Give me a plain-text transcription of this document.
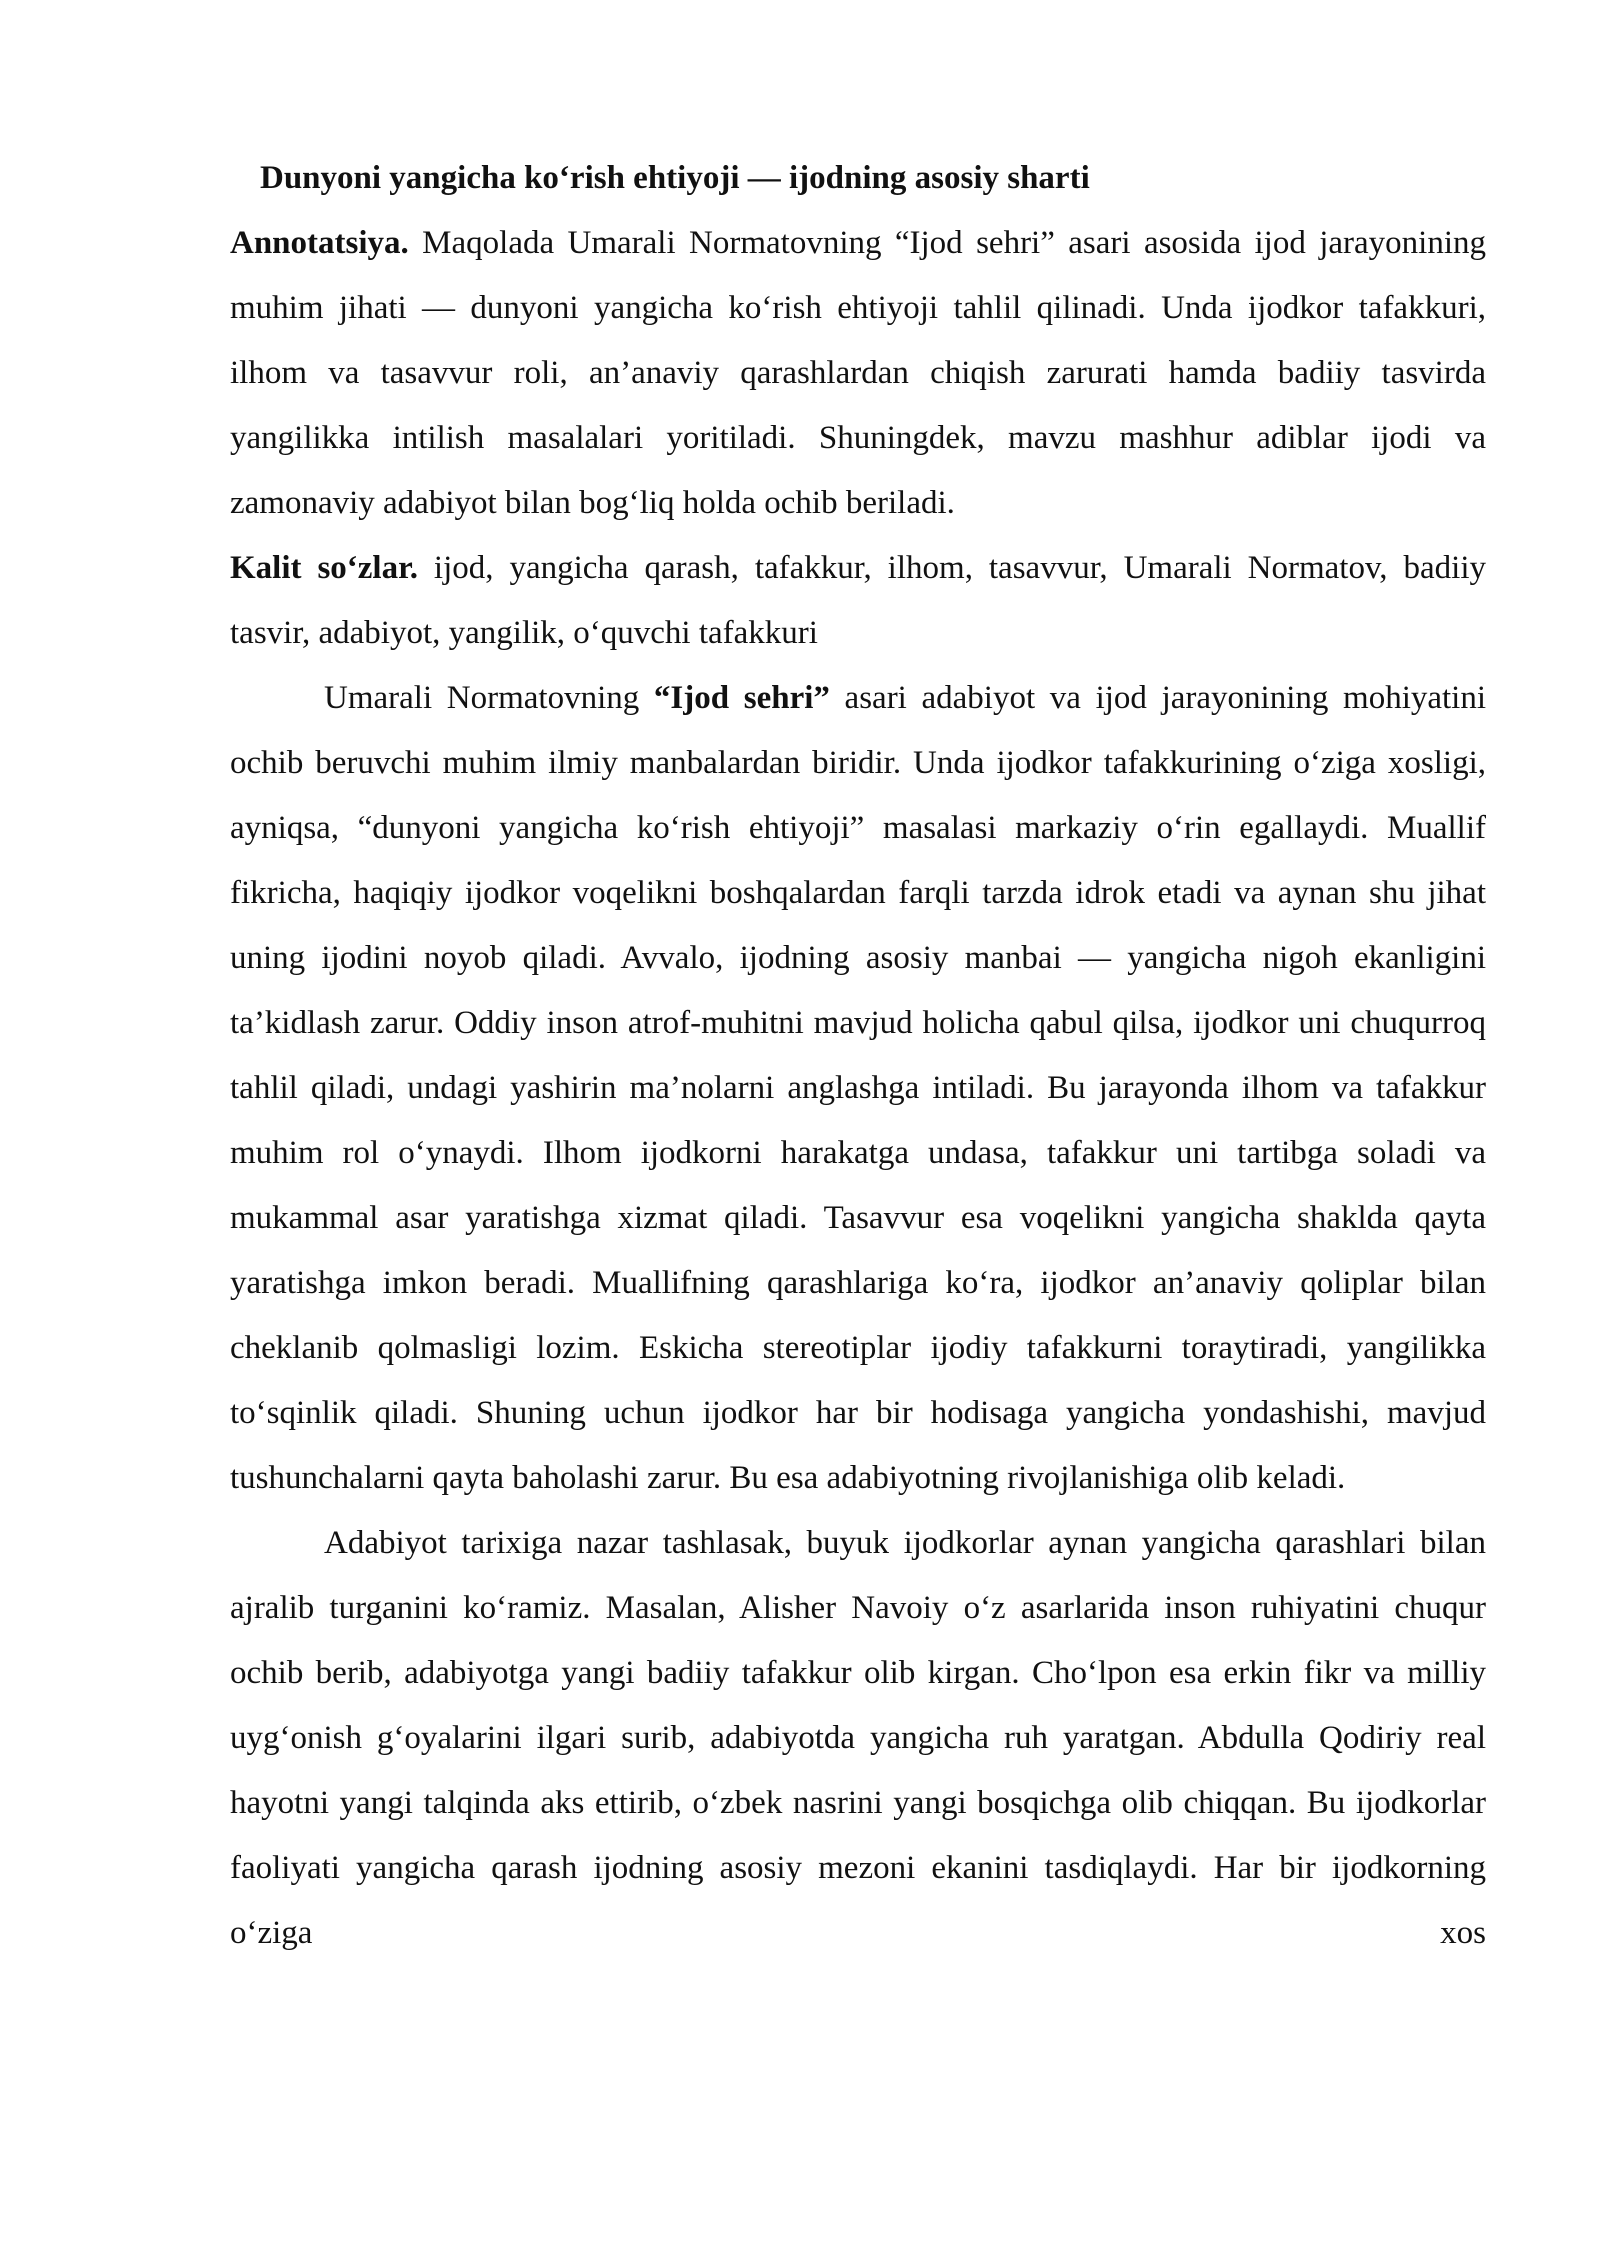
Dunyoni yangicha ko‘rish ehtiyoji — ijodning asosiy sharti

Annotatsiya. Maqolada Umarali Normatovning “Ijod sehri” asari asosida ijod jarayonining muhim jihati — dunyoni yangicha ko‘rish ehtiyoji tahlil qilinadi. Unda ijodkor tafakkuri, ilhom va tasavvur roli, an’anaviy qarashlardan chiqish zarurati hamda badiiy tasvirda yangilikka intilish masalalari yoritiladi. Shuningdek, mavzu mashhur adiblar ijodi va zamonaviy adabiyot bilan bog‘liq holda ochib beriladi.

Kalit so‘zlar. ijod, yangicha qarash, tafakkur, ilhom, tasavvur, Umarali Normatov, badiiy tasvir, adabiyot, yangilik, o‘quvchi tafakkuri

Umarali Normatovning “Ijod sehri” asari adabiyot va ijod jarayonining mohiyatini ochib beruvchi muhim ilmiy manbalardan biridir. Unda ijodkor tafakkurining o‘ziga xosligi, ayniqsa, “dunyoni yangicha ko‘rish ehtiyoji” masalasi markaziy o‘rin egallaydi. Muallif fikricha, haqiqiy ijodkor voqelikni boshqalardan farqli tarzda idrok etadi va aynan shu jihat uning ijodini noyob qiladi. Avvalo, ijodning asosiy manbai — yangicha nigoh ekanligini ta’kidlash zarur. Oddiy inson atrof-muhitni mavjud holicha qabul qilsa, ijodkor uni chuqurroq tahlil qiladi, undagi yashirin ma’nolarni anglashga intiladi. Bu jarayonda ilhom va tafakkur muhim rol o‘ynaydi. Ilhom ijodkorni harakatga undasa, tafakkur uni tartibga soladi va mukammal asar yaratishga xizmat qiladi. Tasavvur esa voqelikni yangicha shaklda qayta yaratishga imkon beradi. Muallifning qarashlariga ko‘ra, ijodkor an’anaviy qoliplar bilan cheklanib qolmasligi lozim. Eskicha stereotiplar ijodiy tafakkurni toraytiradi, yangilikka to‘sqinlik qiladi. Shuning uchun ijodkor har bir hodisaga yangicha yondashishi, mavjud tushunchalarni qayta baholashi zarur. Bu esa adabiyotning rivojlanishiga olib keladi.

Adabiyot tarixiga nazar tashlasak, buyuk ijodkorlar aynan yangicha qarashlari bilan ajralib turganini ko‘ramiz. Masalan, Alisher Navoiy o‘z asarlarida inson ruhiyatini chuqur ochib berib, adabiyotga yangi badiiy tafakkur olib kirgan. Cho‘lpon esa erkin fikr va milliy uyg‘onish g‘oyalarini ilgari surib, adabiyotda yangicha ruh yaratgan. Abdulla Qodiriy real hayotni yangi talqinda aks ettirib, o‘zbek nasrini yangi bosqichga olib chiqqan. Bu ijodkorlar faoliyati yangicha qarash ijodning asosiy mezoni ekanini tasdiqlaydi. Har bir ijodkorning o‘ziga xos
